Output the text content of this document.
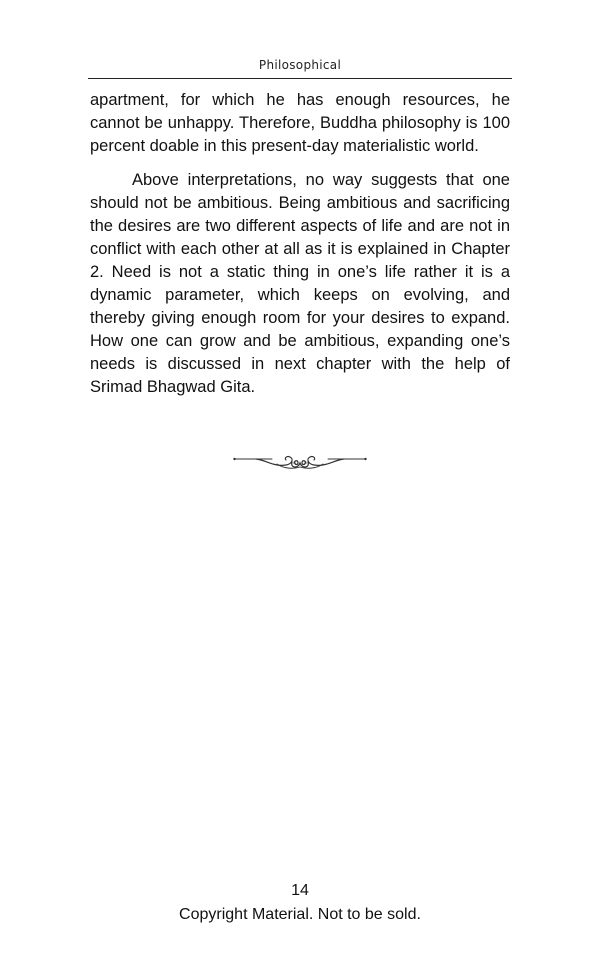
Philosophical

apartment, for which he has enough resources, he cannot be unhappy. Therefore, Buddha philosophy is 100 percent doable in this present-day materialistic world.

Above interpretations, no way suggests that one should not be ambitious. Being ambitious and sacrificing the desires are two different aspects of life and are not in conflict with each other at all as it is explained in Chapter 2. Need is not a static thing in one’s life rather it is a dynamic parameter, which keeps on evolving, and thereby giving enough room for your desires to expand. How one can grow and be ambitious, expanding one’s needs is discussed in next chapter with the help of Srimad Bhagwad Gita.

14
Copyright Material. Not to be sold.
